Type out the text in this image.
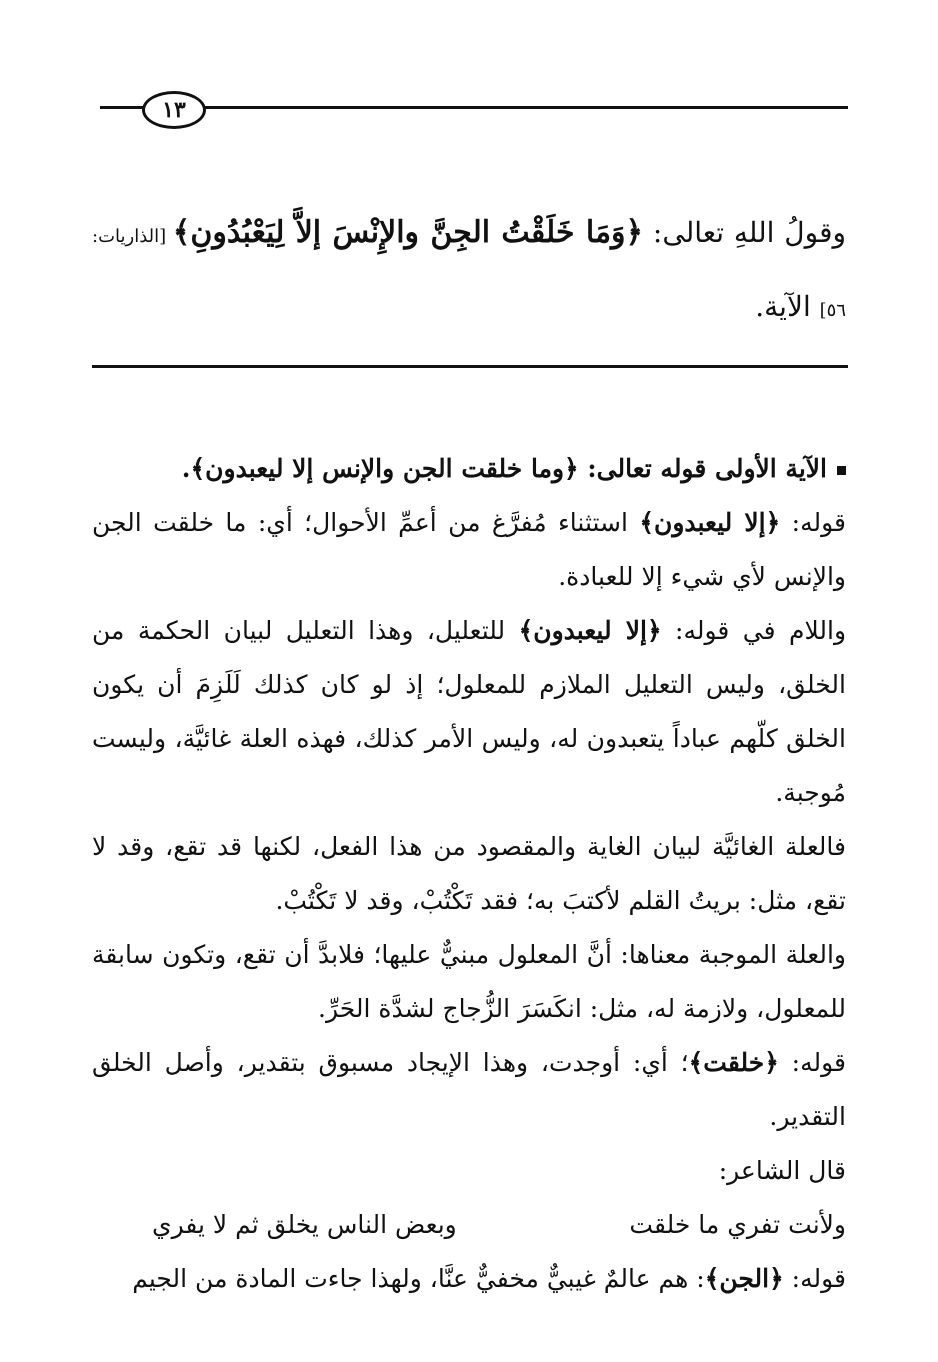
١٣
وقولُ اللهِ تعالى: ﴿وَمَا خَلَقْتُ الجِنَّ والإِنْسَ إلاَّ لِيَعْبُدُونِ﴾ [الذاريات: ٥٦] الآية.

الآية الأولى قوله تعالى: ﴿وما خلقت الجن والإنس إلا ليعبدون﴾.

قوله: ﴿إلا ليعبدون﴾ استثناء مُفرَّغ من أعمِّ الأحوال؛ أي: ما خلقت الجن والإنس لأي شيء إلا للعبادة.

واللام في قوله: ﴿إلا ليعبدون﴾ للتعليل، وهذا التعليل لبيان الحكمة من الخلق، وليس التعليل الملازم للمعلول؛ إذ لو كان كذلك لَلَزِمَ أن يكون الخلق كلّهم عباداً يتعبدون له، وليس الأمر كذلك، فهذه العلة غائيَّة، وليست مُوجبة.

فالعلة الغائيَّة لبيان الغاية والمقصود من هذا الفعل، لكنها قد تقع، وقد لا تقع، مثل: بريتُ القلم لأكتبَ به؛ فقد تَكْتُبْ، وقد لا تَكْتُبْ.

والعلة الموجبة معناها: أنَّ المعلول مبنيٌّ عليها؛ فلابدَّ أن تقع، وتكون سابقة للمعلول، ولازمة له، مثل: انكَسَرَ الزُّجاج لشدَّة الحَرِّ.

قوله: ﴿خلقت﴾؛ أي: أوجدت، وهذا الإيجاد مسبوق بتقدير، وأصل الخلق التقدير.

قال الشاعر:

ولأنت تفري ما خلقت
وبعض الناس يخلق ثم لا يفري

قوله: ﴿الجن﴾: هم عالمٌ غيبيٌّ مخفيٌّ عنَّا، ولهذا جاءت المادة من الجيم
